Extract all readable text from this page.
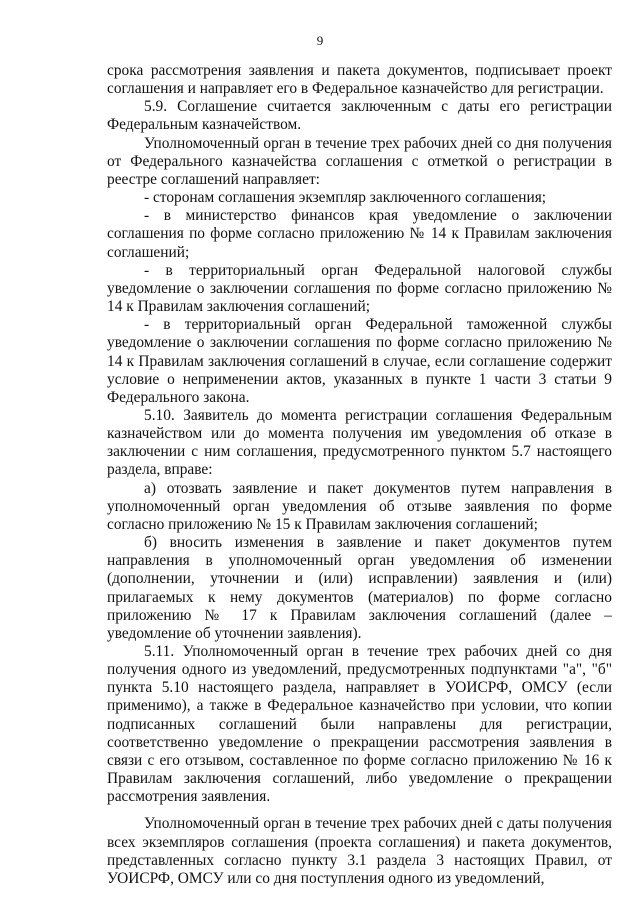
9

срока рассмотрения заявления и пакета документов, подписывает проект соглашения и направляет его в Федеральное казначейство для регистрации.

5.9. Соглашение считается заключенным с даты его регистрации Федеральным казначейством.

Уполномоченный орган в течение трех рабочих дней со дня получения от Федерального казначейства соглашения с отметкой о регистрации в реестре соглашений направляет:

- сторонам соглашения экземпляр заключенного соглашения;

- в министерство финансов края уведомление о заключении соглашения по форме согласно приложению № 14 к Правилам заключения соглашений;

- в территориальный орган Федеральной налоговой службы уведомление о заключении соглашения по форме согласно приложению № 14 к Правилам заключения соглашений;

- в территориальный орган Федеральной таможенной службы уведомление о заключении соглашения по форме согласно приложению № 14 к Правилам заключения соглашений в случае, если соглашение содержит условие о неприменении актов, указанных в пункте 1 части 3 статьи 9 Федерального закона.

5.10. Заявитель до момента регистрации соглашения Федеральным казначейством или до момента получения им уведомления об отказе в заключении с ним соглашения, предусмотренного пунктом 5.7 настоящего раздела, вправе:

а) отозвать заявление и пакет документов путем направления в уполномоченный орган уведомления об отзыве заявления по форме согласно приложению № 15 к Правилам заключения соглашений;

б) вносить изменения в заявление и пакет документов путем направления в уполномоченный орган уведомления об изменении (дополнении, уточнении и (или) исправлении) заявления и (или) прилагаемых к нему документов (материалов) по форме согласно приложению № 17 к Правилам заключения соглашений (далее – уведомление об уточнении заявления).

5.11. Уполномоченный орган в течение трех рабочих дней со дня получения одного из уведомлений, предусмотренных подпунктами "а", "б" пункта 5.10 настоящего раздела, направляет в УОИСРФ, ОМСУ (если применимо), а также в Федеральное казначейство при условии, что копии подписанных соглашений были направлены для регистрации, соответственно уведомление о прекращении рассмотрения заявления в связи с его отзывом, составленное по форме согласно приложению № 16 к Правилам заключения соглашений, либо уведомление о прекращении рассмотрения заявления.

Уполномоченный орган в течение трех рабочих дней с даты получения всех экземпляров соглашения (проекта соглашения) и пакета документов, представленных согласно пункту 3.1 раздела 3 настоящих Правил, от УОИСРФ, ОМСУ или со дня поступления одного из уведомлений,
